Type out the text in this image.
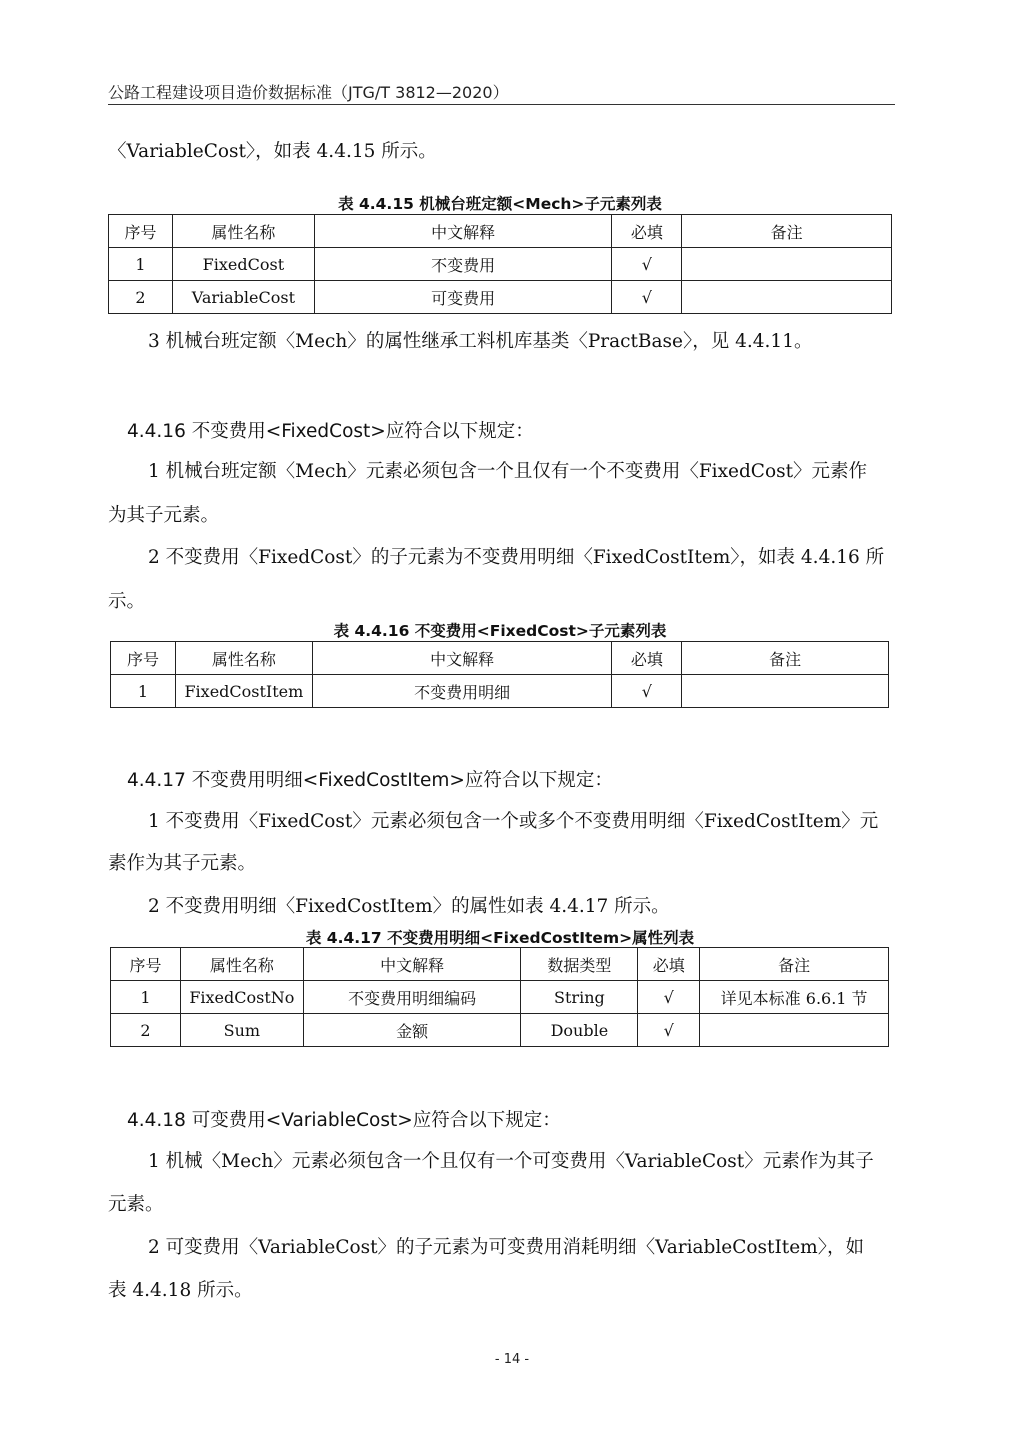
公路工程建设项目造价数据标准（JTG/T 3812—2020）
〈VariableCost〉，如表 4.4.15 所示。
表 4.4.15 机械台班定额<Mech>子元素列表
序号	属性名称	中文解释	必填	备注
1	FixedCost	不变费用	√	
2	VariableCost	可变费用	√	
3 机械台班定额〈Mech〉的属性继承工料机库基类〈PractBase〉，见 4.4.11。
4.4.16 不变费用<FixedCost>应符合以下规定：
1 机械台班定额〈Mech〉元素必须包含一个且仅有一个不变费用〈FixedCost〉元素作
为其子元素。
2 不变费用〈FixedCost〉的子元素为不变费用明细〈FixedCostItem〉，如表 4.4.16 所
示。
表 4.4.16 不变费用<FixedCost>子元素列表
序号	属性名称	中文解释	必填	备注
1	FixedCostItem	不变费用明细	√	
4.4.17 不变费用明细<FixedCostItem>应符合以下规定：
1 不变费用〈FixedCost〉元素必须包含一个或多个不变费用明细〈FixedCostItem〉元
素作为其子元素。
2 不变费用明细〈FixedCostItem〉的属性如表 4.4.17 所示。
表 4.4.17 不变费用明细<FixedCostItem>属性列表
序号	属性名称	中文解释	数据类型	必填	备注
1	FixedCostNo	不变费用明细编码	String	√	详见本标准 6.6.1 节
2	Sum	金额	Double	√	
4.4.18 可变费用<VariableCost>应符合以下规定：
1 机械〈Mech〉元素必须包含一个且仅有一个可变费用〈VariableCost〉元素作为其子
元素。
2 可变费用〈VariableCost〉的子元素为可变费用消耗明细〈VariableCostItem〉，如
表 4.4.18 所示。
- 14 -
